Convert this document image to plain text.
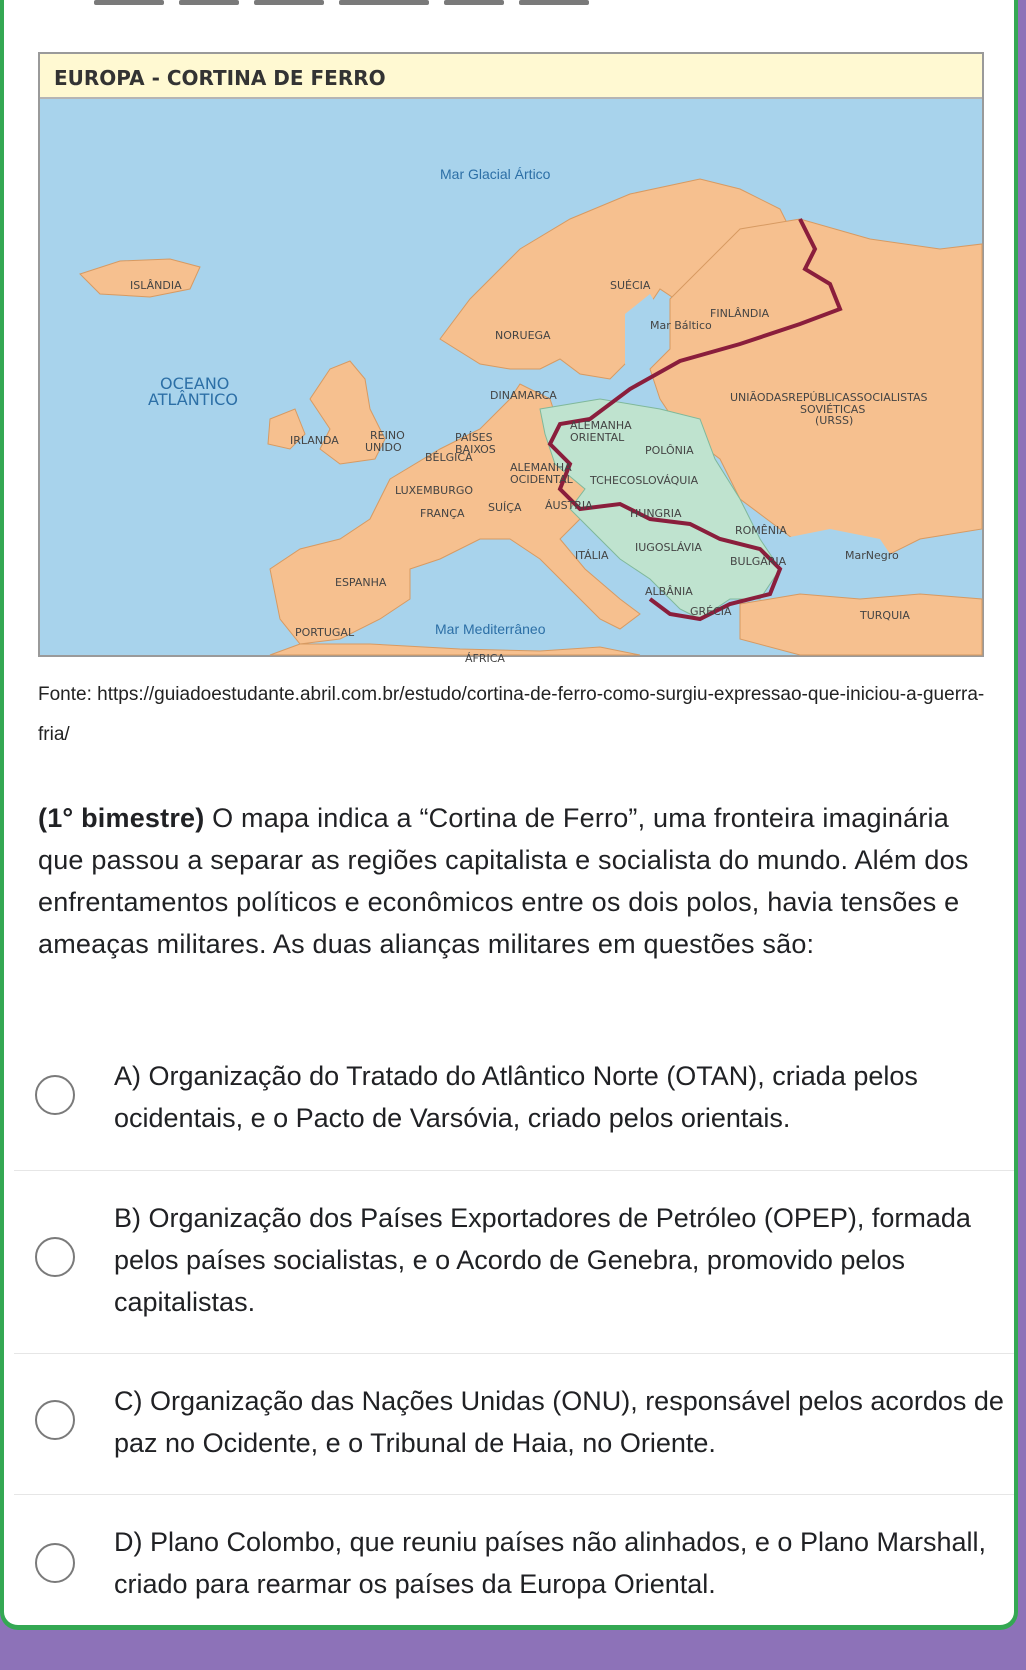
EUROPA - CORTINA DE FERRO
Mar Glacial Ártico
ISLÂNDIA	SUÉCIA
FINLÂNDIA
NORUEGA
Mar Báltico
OCEANO
ATLÂNTICO	DINAMARCA	UNIÃODASREPÚBLICASSOCIALISTAS
SOVIÉTICAS
(URSS)
ALEMANHA
ORIENTAL
POLÔNIA
IRLANDA	REINO
UNIDO
PAÍSES
BAIXOS
BÉLGICA
ALEMANHA
OCIDENTAL TCHECOSLOVÁQUIA
LUXEMBURGO
FRANÇA SUÍÇA ÁUSTRIA
HUNGRIA
ROMÊNIA
IUGOSLÁVIA
ITÁLIA	BULGÁRIA	MarNegro
ESPANHA
ALBÂNIA
GRÉCIA	TURQUIA
PORTUGAL	Mar Mediterrâneo
ÁFRICA
Fonte: https://guiadoestudante.abril.com.br/estudo/cortina-de-ferro-como-surgiu-expressao-que-iniciou-a-guerra-fria/
(1° bimestre) O mapa indica a “Cortina de Ferro”, uma fronteira imaginária que passou a separar as regiões capitalista e socialista do mundo. Além dos enfrentamentos políticos e econômicos entre os dois polos, havia tensões e ameaças militares. As duas alianças militares em questões são:
A) Organização do Tratado do Atlântico Norte (OTAN), criada pelos ocidentais, e o Pacto de Varsóvia, criado pelos orientais.
B) Organização dos Países Exportadores de Petróleo (OPEP), formada pelos países socialistas, e o Acordo de Genebra, promovido pelos capitalistas.
C) Organização das Nações Unidas (ONU), responsável pelos acordos de paz no Ocidente, e o Tribunal de Haia, no Oriente.
D) Plano Colombo, que reuniu países não alinhados, e o Plano Marshall, criado para rearmar os países da Europa Oriental.
